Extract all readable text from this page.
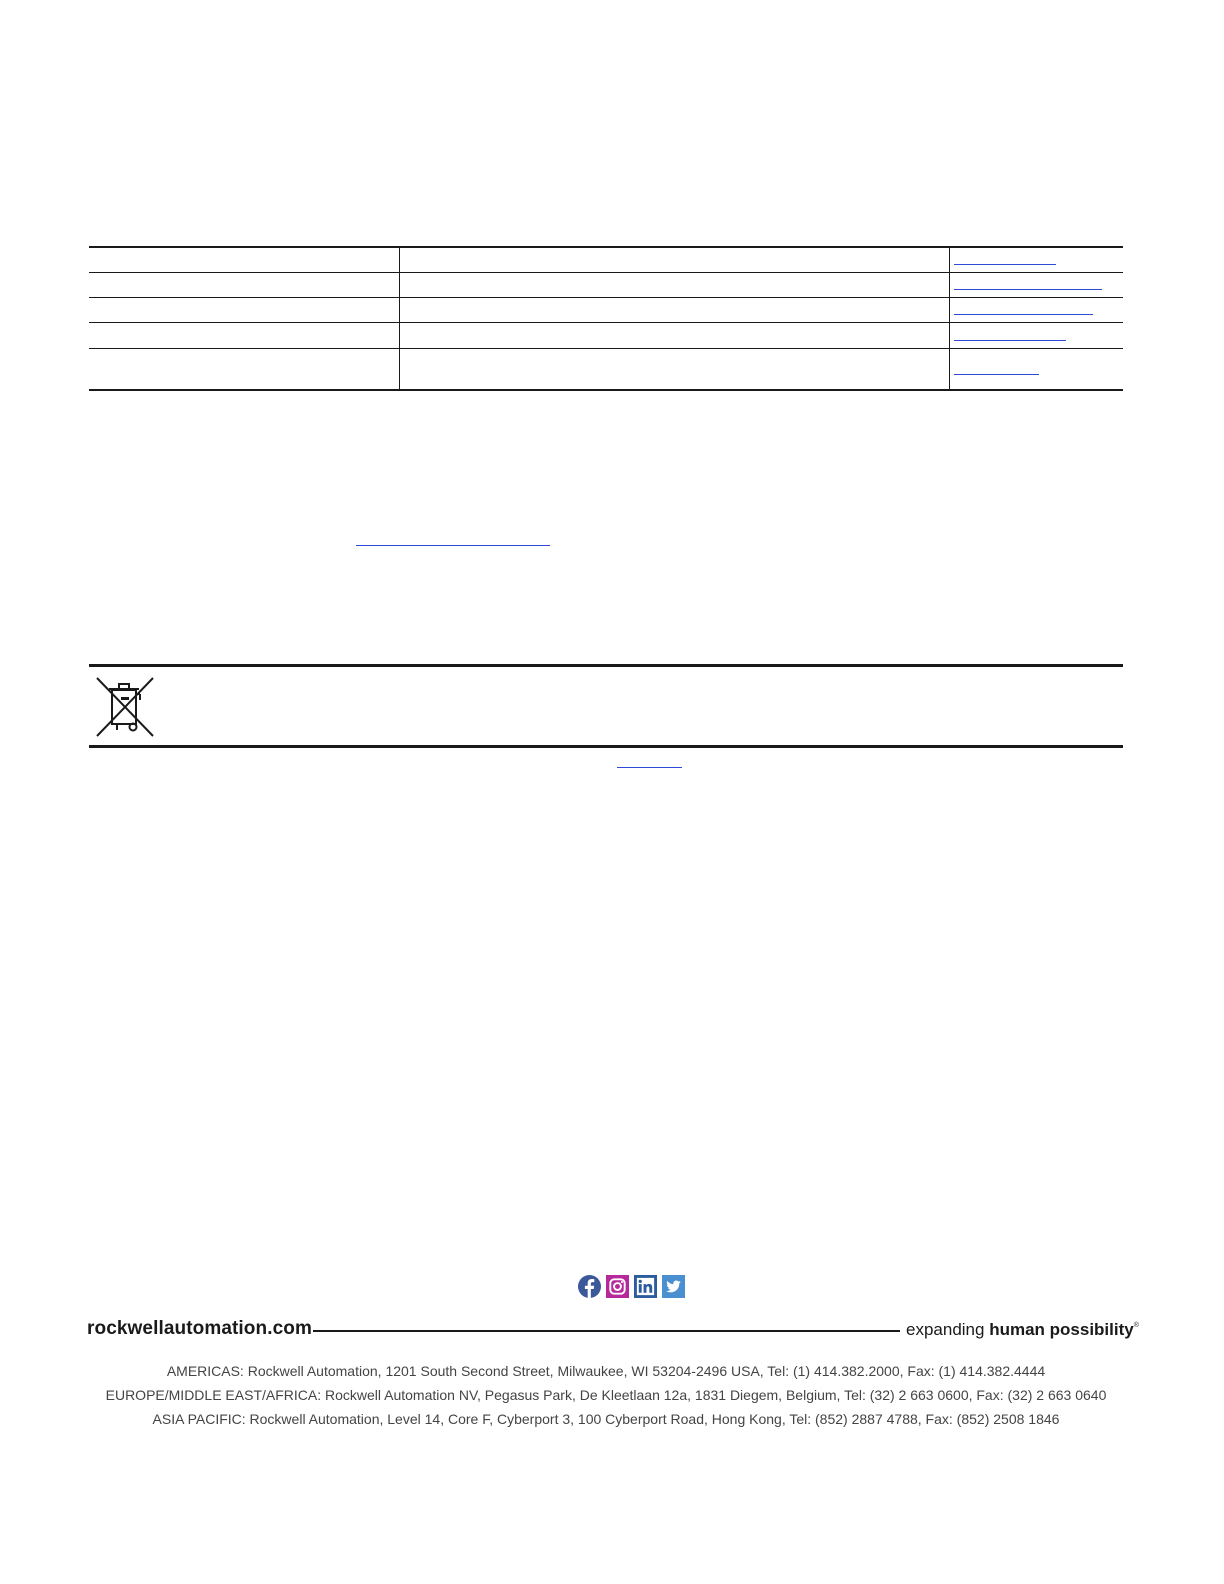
rockwellautomation.com	expanding human possibility®
AMERICAS: Rockwell Automation, 1201 South Second Street, Milwaukee, WI 53204-2496 USA, Tel: (1) 414.382.2000, Fax: (1) 414.382.4444
EUROPE/MIDDLE EAST/AFRICA: Rockwell Automation NV, Pegasus Park, De Kleetlaan 12a, 1831 Diegem, Belgium, Tel: (32) 2 663 0600, Fax: (32) 2 663 0640
ASIA PACIFIC: Rockwell Automation, Level 14, Core F, Cyberport 3, 100 Cyberport Road, Hong Kong, Tel: (852) 2887 4788, Fax: (852) 2508 1846
